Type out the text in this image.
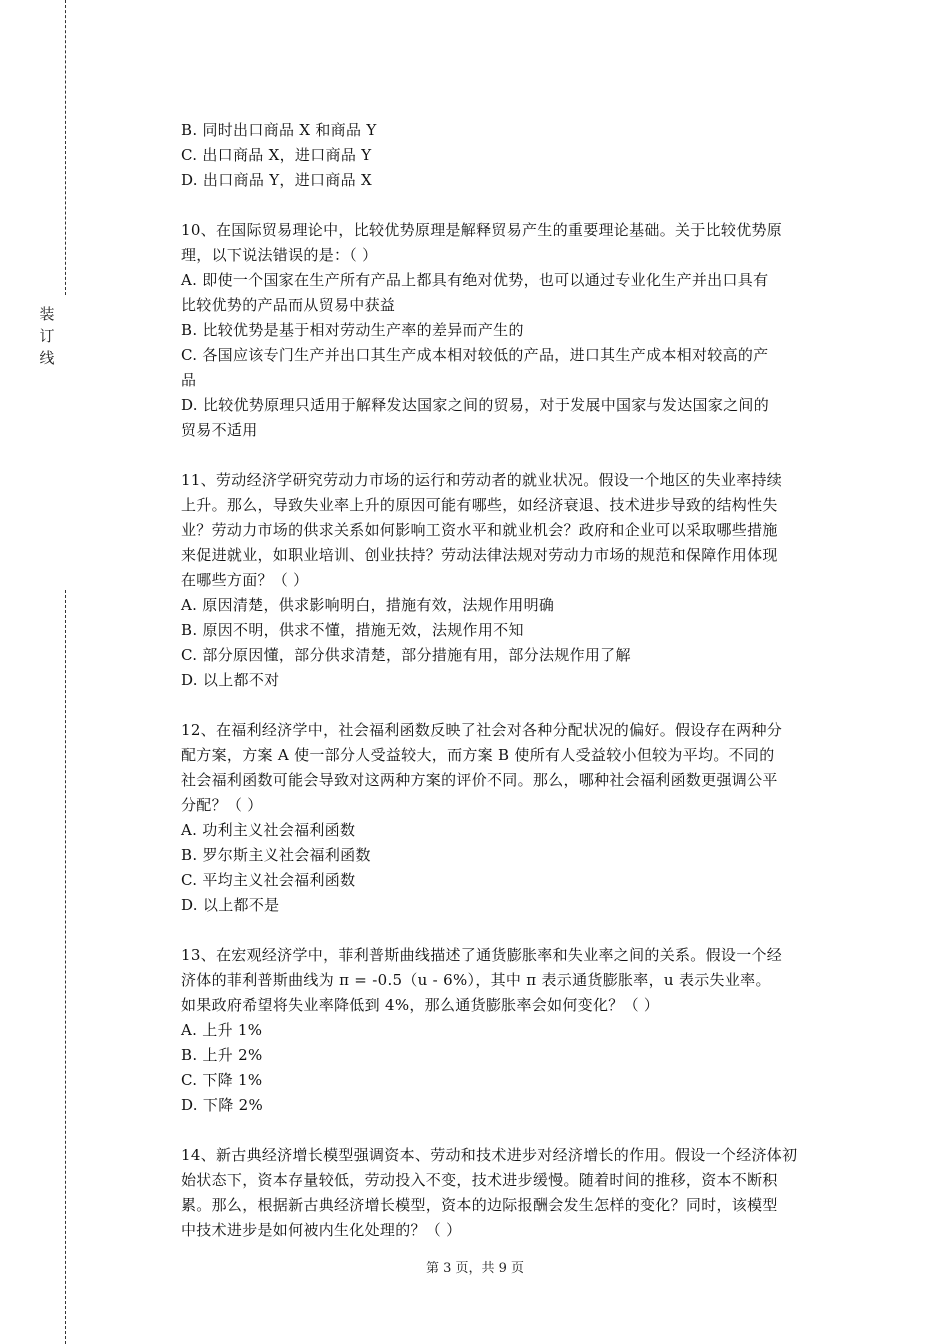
装
订
线
B. 同时出口商品 X 和商品 Y
C. 出口商品 X，进口商品 Y
D. 出口商品 Y，进口商品 X
10、在国际贸易理论中，比较优势原理是解释贸易产生的重要理论基础。关于比较优势原
理，以下说法错误的是：（ ）
A. 即使一个国家在生产所有产品上都具有绝对优势，也可以通过专业化生产并出口具有
比较优势的产品而从贸易中获益
B. 比较优势是基于相对劳动生产率的差异而产生的
C. 各国应该专门生产并出口其生产成本相对较低的产品，进口其生产成本相对较高的产
品
D. 比较优势原理只适用于解释发达国家之间的贸易，对于发展中国家与发达国家之间的
贸易不适用
11、劳动经济学研究劳动力市场的运行和劳动者的就业状况。假设一个地区的失业率持续
上升。那么，导致失业率上升的原因可能有哪些，如经济衰退、技术进步导致的结构性失
业？劳动力市场的供求关系如何影响工资水平和就业机会？政府和企业可以采取哪些措施
来促进就业，如职业培训、创业扶持？劳动法律法规对劳动力市场的规范和保障作用体现
在哪些方面？（ ）
A. 原因清楚，供求影响明白，措施有效，法规作用明确
B. 原因不明，供求不懂，措施无效，法规作用不知
C. 部分原因懂，部分供求清楚，部分措施有用，部分法规作用了解
D. 以上都不对
12、在福利经济学中，社会福利函数反映了社会对各种分配状况的偏好。假设存在两种分
配方案，方案 A 使一部分人受益较大，而方案 B 使所有人受益较小但较为平均。不同的
社会福利函数可能会导致对这两种方案的评价不同。那么，哪种社会福利函数更强调公平
分配？（ ）
A. 功利主义社会福利函数
B. 罗尔斯主义社会福利函数
C. 平均主义社会福利函数
D. 以上都不是
13、在宏观经济学中，菲利普斯曲线描述了通货膨胀率和失业率之间的关系。假设一个经
济体的菲利普斯曲线为 π = -0.5（u - 6%），其中 π 表示通货膨胀率，u 表示失业率。
如果政府希望将失业率降低到 4%，那么通货膨胀率会如何变化？（ ）
A. 上升 1%
B. 上升 2%
C. 下降 1%
D. 下降 2%
14、新古典经济增长模型强调资本、劳动和技术进步对经济增长的作用。假设一个经济体初
始状态下，资本存量较低，劳动投入不变，技术进步缓慢。随着时间的推移，资本不断积
累。那么，根据新古典经济增长模型，资本的边际报酬会发生怎样的变化？同时，该模型
中技术进步是如何被内生化处理的？（ ）
第 3 页，共 9 页
